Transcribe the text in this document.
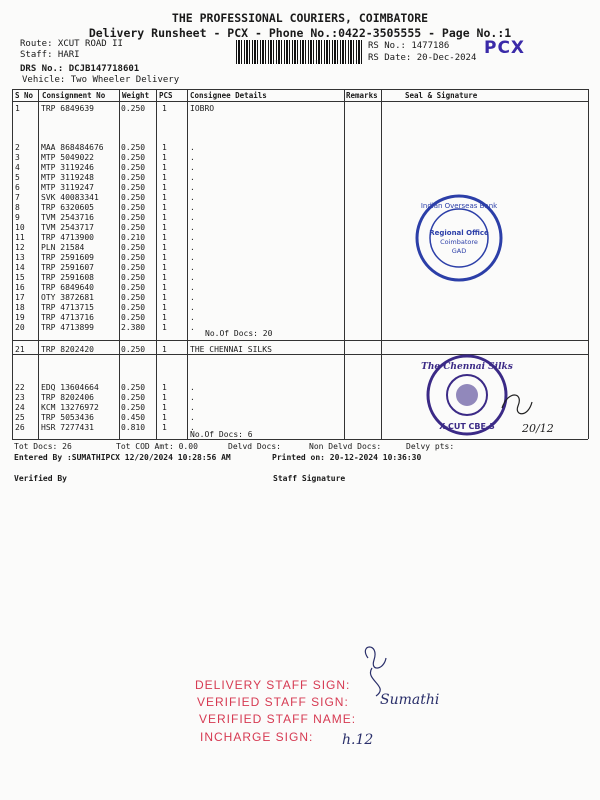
THE PROFESSIONAL COURIERS, COIMBATORE
Delivery Runsheet - PCX - Phone No.:0422-3505555 - Page No.:1
Route: XCUT ROAD II
Staff: HARI
DRS No.: DCJB147718601
Vehicle: Two Wheeler Delivery
RS No.: 1477186
RS Date: 20-Dec-2024 PCX
S No Consignment No Weight PCS Consignee Details	Remarks	Seal & Signature
1	TRP 6849639	0.250 1	IOBRO
2	MAA 868484676 0.250 1	.
3	MTP 5049022	0.250 1	.
4	MTP 3119246	0.250 1	.
5	MTP 3119248	0.250 1	.
6	MTP 3119247	0.250 1	.
7	SVK 40083341	0.250 1	.
8	TRP 6320605	0.250 1	.
9	TVM 2543716	0.250 1	.
10 TVM 2543717	0.250 1	.
11 TRP 4713900	0.210 1	.
12 PLN 21584	0.250 1	.
13 TRP 2591609	0.250 1	.
14 TRP 2591607	0.250 1	.
15 TRP 2591608	0.250 1	.
16 TRP 6849640	0.250 1	.
17 OTY 3872681	0.250 1	.
18 TRP 4713715	0.250 1	.
19 TRP 4713716	0.250 1	.
20 TRP 4713899	2.380 1	.
21 TRP 8202420	0.250 1	THE CHENNAI SILKS
22 EDQ 13604664	0.250 1	.
23 TRP 8202406	0.250 1	.
24 KCM 13276972	0.250 1	.
25 TRP 5053436	0.450 1	.
26 HSR 7277431	0.810 1	.
No.Of Docs: 20
No.Of Docs: 6
Indian Overseas Bank
Regional Office
Coimbatore
GAD
The Chennai Silks
X-CUT CBE-3 20/12
Tot Docs: 26	Tot COD Amt: 0.00	Delvd Docs:	Non Delvd Docs:	Delvy pts:
Entered By :SUMATHIPCX 12/20/2024 10:28:56 AM	Printed on: 20-12-2024 10:36:30
Verified By	Staff Signature
DELIVERY STAFF SIGN:
VERIFIED STAFF SIGN:
VERIFIED STAFF NAME:
INCHARGE SIGN:
Sumathi
h.12
